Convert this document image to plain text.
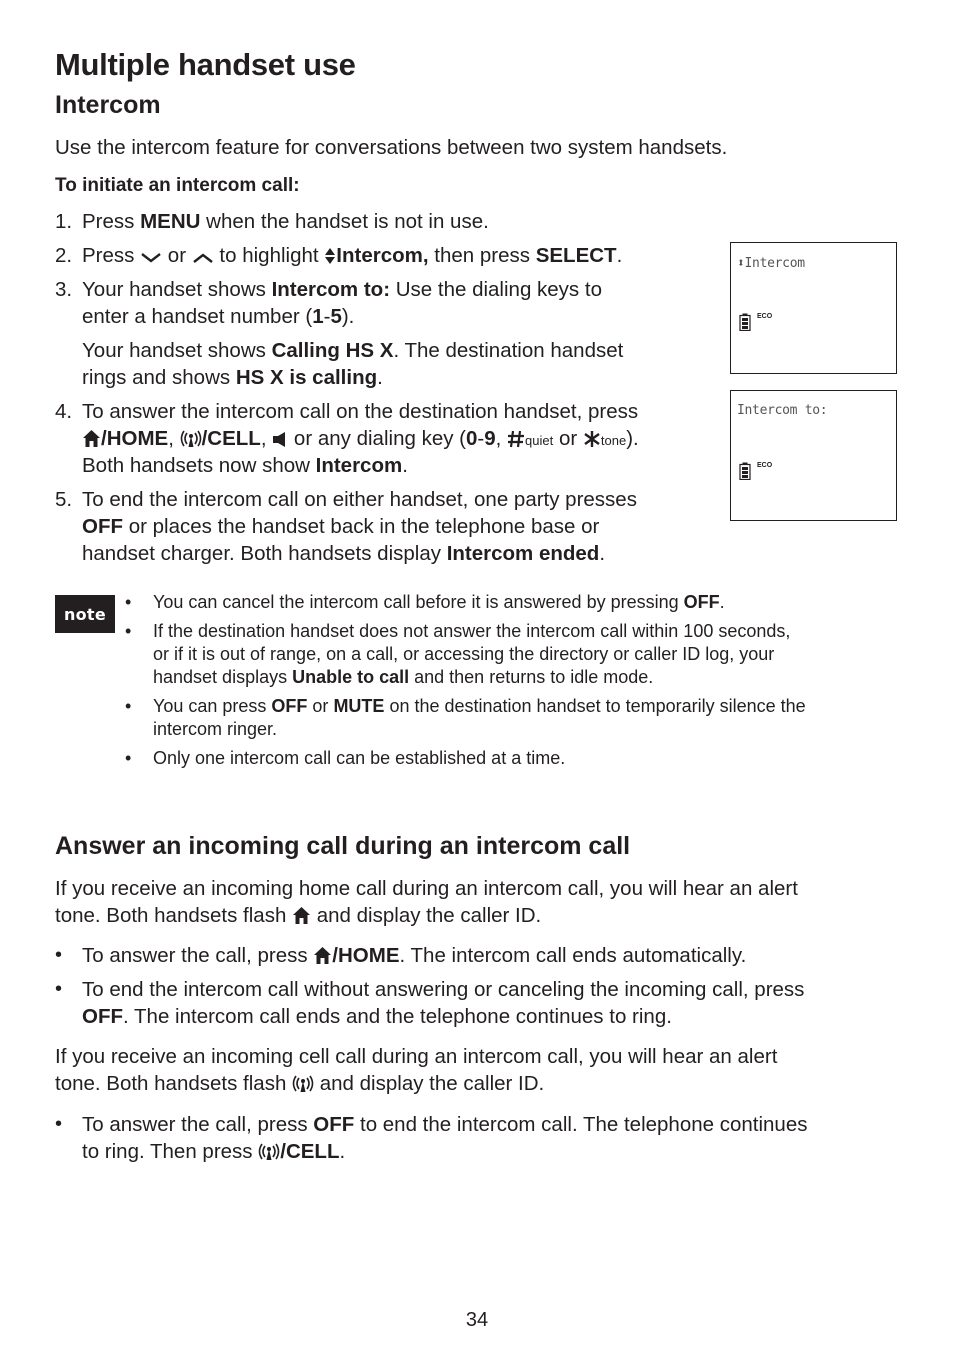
Multiple handset use
Intercom

Use the intercom feature for conversations between two system handsets.

To initiate an intercom call:

1. Press MENU when the handset is not in use.
2. Press
or
to highlight
Intercom, then press SELECT.
3. Your handset shows Intercom to: Use the dialing keys to
enter a handset number (1-5).
Your handset shows Calling HS X. The destination handset
rings and shows HS X is calling.
4. To answer the intercom call on the destination handset, press
/HOME,
/CELL,
or any dialing key (0-9,
quiet or
tone).
Both handsets now show Intercom.
5. To end the intercom call on either handset, one party presses
OFF or places the handset back in the telephone base or
handset charger. Both handsets display Intercom ended.
⬍Intercom
ECO
Intercom to:
ECO
note
• You can cancel the intercom call before it is answered by pressing OFF.
• If the destination handset does not answer the intercom call within 100 seconds,
or if it is out of range, on a call, or accessing the directory or caller ID log, your
handset displays Unable to call and then returns to idle mode.
• You can press OFF or MUTE on the destination handset to temporarily silence the
intercom ringer.
• Only one intercom call can be established at a time.
Answer an incoming call during an intercom call
If you receive an incoming home call during an intercom call, you will hear an alert
tone. Both handsets flash
and display the caller ID.
• To answer the call, press
/HOME. The intercom call ends automatically.
• To end the intercom call without answering or canceling the incoming call, press
OFF. The intercom call ends and the telephone continues to ring.
If you receive an incoming cell call during an intercom call, you will hear an alert
tone. Both handsets flash
and display the caller ID.
• To answer the call, press OFF to end the intercom call. The telephone continues
to ring. Then press
/CELL.
34
